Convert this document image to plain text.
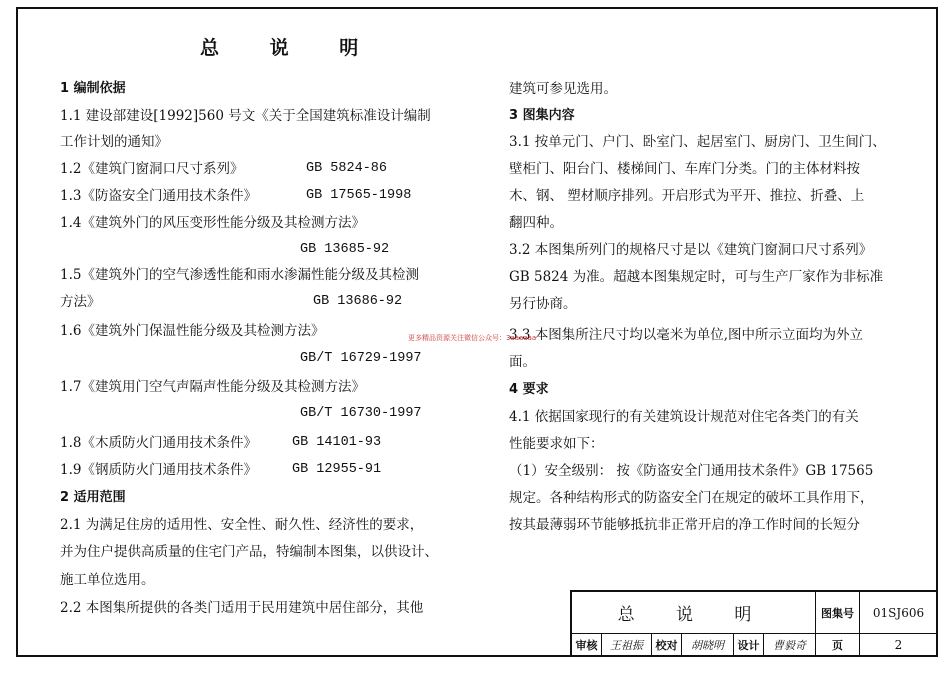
总 说 明
1 编制依据
1.1 建设部建设[1992]560 号文《关于全国建筑标准设计编制
工作计划的通知》
1.2《建筑门窗洞口尺寸系列》
1.3《防盗安全门通用技术条件》
1.4《建筑外门的风压变形性能分级及其检测方法》
1.5《建筑外门的空气渗透性能和雨水渗漏性能分级及其检测
方法》
1.6《建筑外门保温性能分级及其检测方法》
1.7《建筑用门空气声隔声性能分级及其检测方法》
1.8《木质防火门通用技术条件》
1.9《钢质防火门通用技术条件》
2 适用范围
2.1 为满足住房的适用性、安全性、耐久性、经济性的要求，
并为住户提供高质量的住宅门产品，特编制本图集，以供设计、
施工单位选用。
2.2 本图集所提供的各类门适用于民用建筑中居住部分，其他
GB 5824-86
GB 17565-1998
GB 13685-92
GB 13686-92
GB/T 16729-1997
GB/T 16730-1997
GB 14101-93
GB 12955-91
建筑可参见选用。
3 图集内容
3.1 按单元门、户门、卧室门、起居室门、厨房门、卫生间门、
壁柜门、阳台门、楼梯间门、车库门分类。门的主体材料按
木、钢、 塑材顺序排列。开启形式为平开、推拉、折叠、上
翻四种。
3.2 本图集所列门的规格尺寸是以《建筑门窗洞口尺寸系列》
GB 5824 为准。超越本图集规定时，可与生产厂家作为非标准
另行协商。
3.3 本图集所注尺寸均以毫米为单位,图中所示立面均为外立
面。
4 要求
4.1 依据国家现行的有关建筑设计规范对住宅各类门的有关
性能要求如下：
（1）安全级别： 按《防盗安全门通用技术条件》GB 17565
规定。各种结构形式的防盗安全门在规定的破坏工具作用下，
按其最薄弱环节能够抵抗非正常开启的净工作时间的长短分
更多精品资源关注微信公众号：3aaaaaa
总 说 明	图集号 01SJ606
审核 王祖振 校对 胡晓明 设计 曹毅奇 页	2
